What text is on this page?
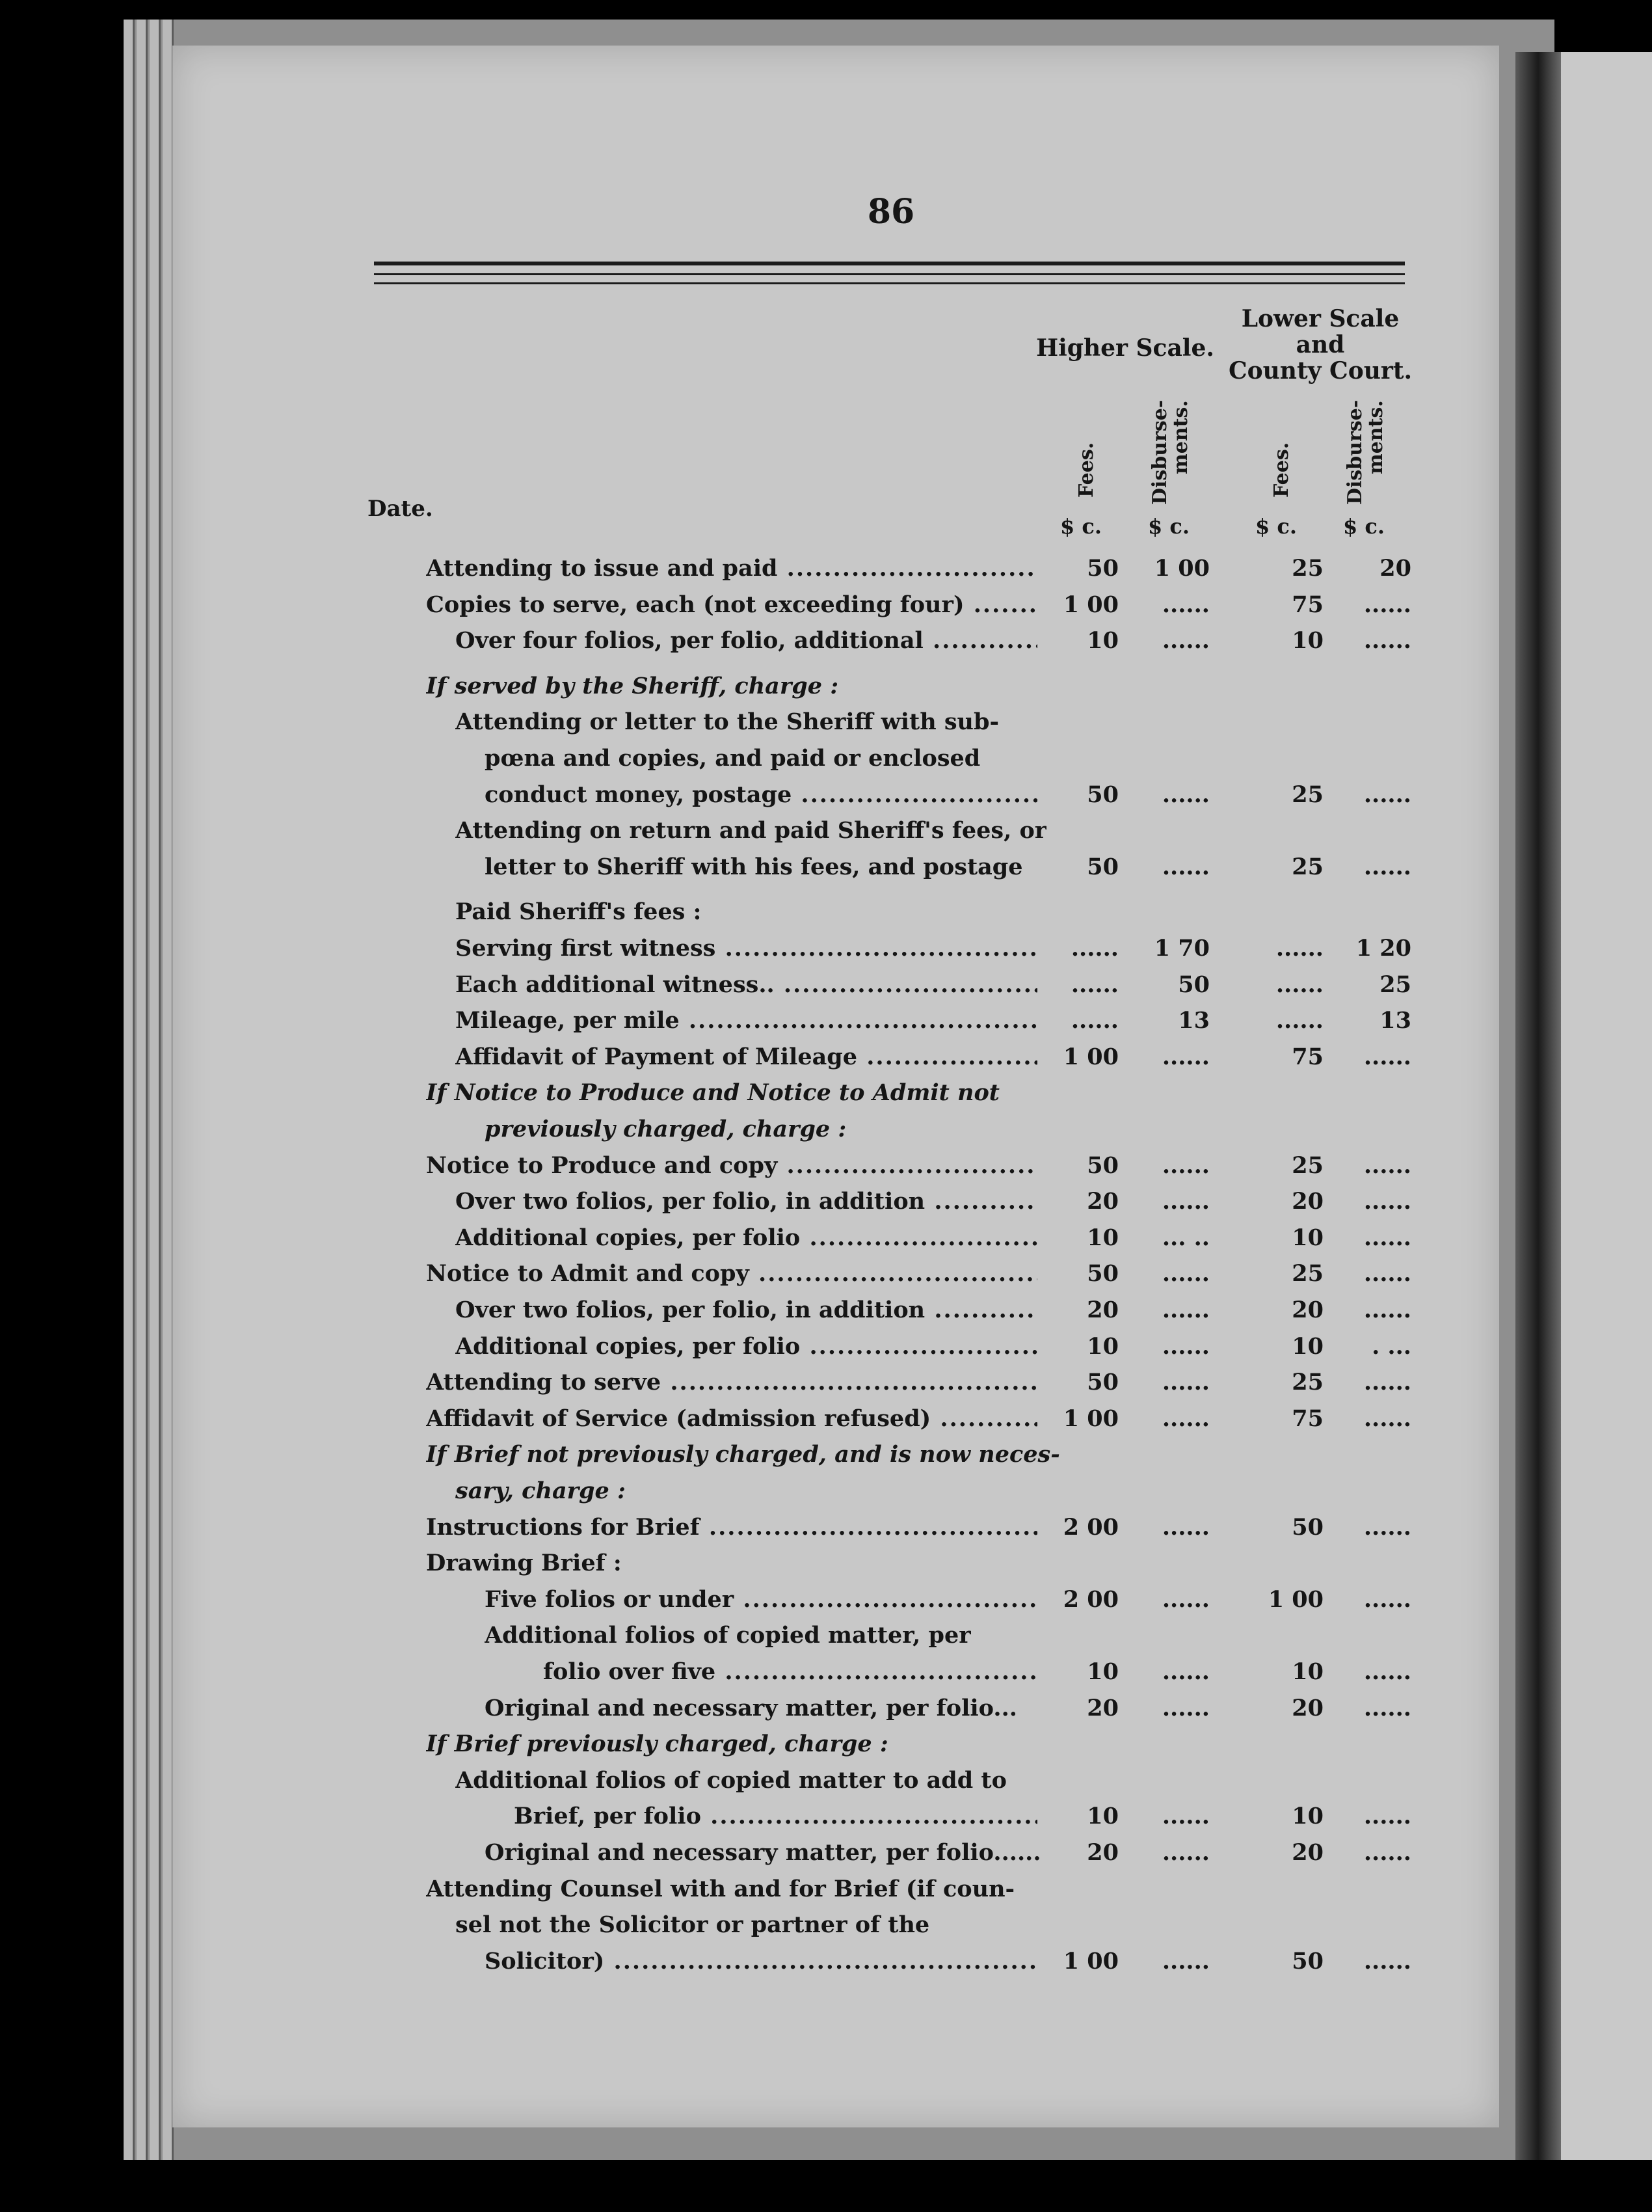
86
Higher Scale.
Lower Scale
and
County Court.
Date.
Fees.	Disburse-ments.	Fees.	Disburse-ments.
$ c. $ c.	$ c. $ c.
Attending to issue and paid .....	50	1 00	25	20
Copies to serve, each (not exceeding four) .....	1 00	......	75	......
Over four folios, per folio, additional .....	10	......	10	......
If served by the Sheriff, charge :
Attending or letter to the Sheriff with sub-
pœna and copies, and paid or enclosed
conduct money, postage .....	50	......	25	......
Attending on return and paid Sheriff's fees, or
letter to Sheriff with his fees, and postage	50	......	25	......
Paid Sheriff's fees :
Serving first witness .....	......	1 70	......	1 20
Each additional witness.. .....	......	50	......	25
Mileage, per mile .....	......	13	......	13
Affidavit of Payment of Mileage .....	1 00	......	75	......
If Notice to Produce and Notice to Admit not
previously charged, charge :
Notice to Produce and copy .....	50	......	25	......
Over two folios, per folio, in addition .....	20	......	20	......
Additional copies, per folio .....	10	... ..	10	......
Notice to Admit and copy .....	50	......	25	......
Over two folios, per folio, in addition .....	20	......	20	......
Additional copies, per folio .....	10	......	10	. ...
Attending to serve .....	50	......	25	......
Affidavit of Service (admission refused) .....	1 00	......	75	......
If Brief not previously charged, and is now neces-
sary, charge :
Instructions for Brief .....	2 00	......	50	......
Drawing Brief :
Five folios or under .....	2 00	......	1 00	......
Additional folios of copied matter, per
folio over five .....	10	......	10	......
Original and necessary matter, per folio...	20	......	20	......
If Brief previously charged, charge :
Additional folios of copied matter to add to
Brief, per folio .....	10	......	10	......
Original and necessary matter, per folio......	20	......	20	......
Attending Counsel with and for Brief (if coun-
sel not the Solicitor or partner of the
Solicitor) .....	1 00	......	50	......
